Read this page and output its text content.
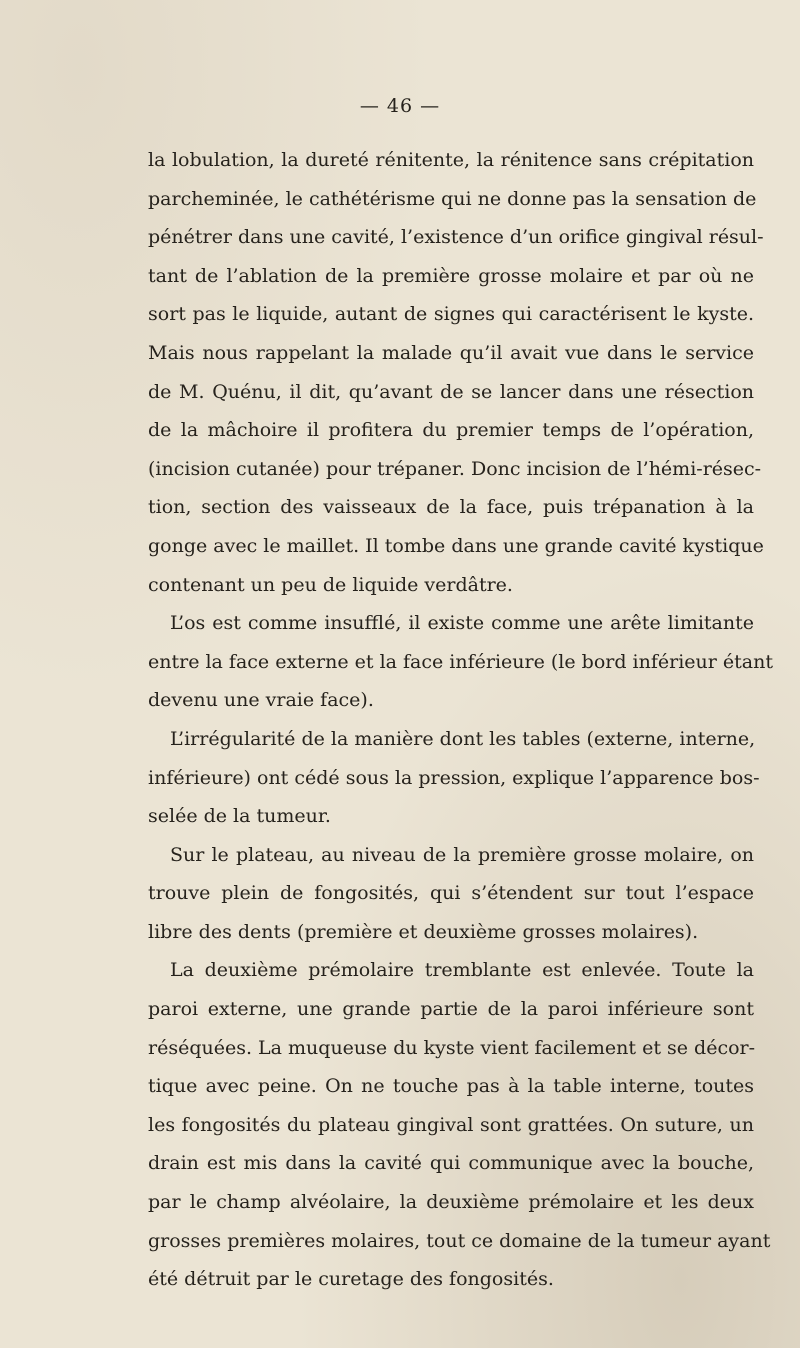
— 46 —
la lobulation, la dureté rénitente, la rénitence sans crépitation
parcheminée, le cathétérisme qui ne donne pas la sensation de
pénétrer dans une cavité, l’existence d’un orifice gingival résul-
tant de l’ablation de la première grosse molaire et par où ne
sort pas le liquide, autant de signes qui caractérisent le kyste.
Mais nous rappelant la malade qu’il avait vue dans le service
de M. Quénu, il dit, qu’avant de se lancer dans une résection
de la mâchoire il profitera du premier temps de l’opération,
(incision cutanée) pour trépaner. Donc incision de l’hémi-résec-
tion, section des vaisseaux de la face, puis trépanation à la
gonge avec le maillet. Il tombe dans une grande cavité kystique
contenant un peu de liquide verdâtre.
L’os est comme insufflé, il existe comme une arête limitante
entre la face externe et la face inférieure (le bord inférieur étant
devenu une vraie face).
L’irrégularité de la manière dont les tables (externe, interne,
inférieure) ont cédé sous la pression, explique l’apparence bos-
selée de la tumeur.
Sur le plateau, au niveau de la première grosse molaire, on
trouve plein de fongosités, qui s’étendent sur tout l’espace
libre des dents (première et deuxième grosses molaires).
La deuxième prémolaire tremblante est enlevée. Toute la
paroi externe, une grande partie de la paroi inférieure sont
réséquées. La muqueuse du kyste vient facilement et se décor-
tique avec peine. On ne touche pas à la table interne, toutes
les fongosités du plateau gingival sont grattées. On suture, un
drain est mis dans la cavité qui communique avec la bouche,
par le champ alvéolaire, la deuxième prémolaire et les deux
grosses premières molaires, tout ce domaine de la tumeur ayant
été détruit par le curetage des fongosités.
